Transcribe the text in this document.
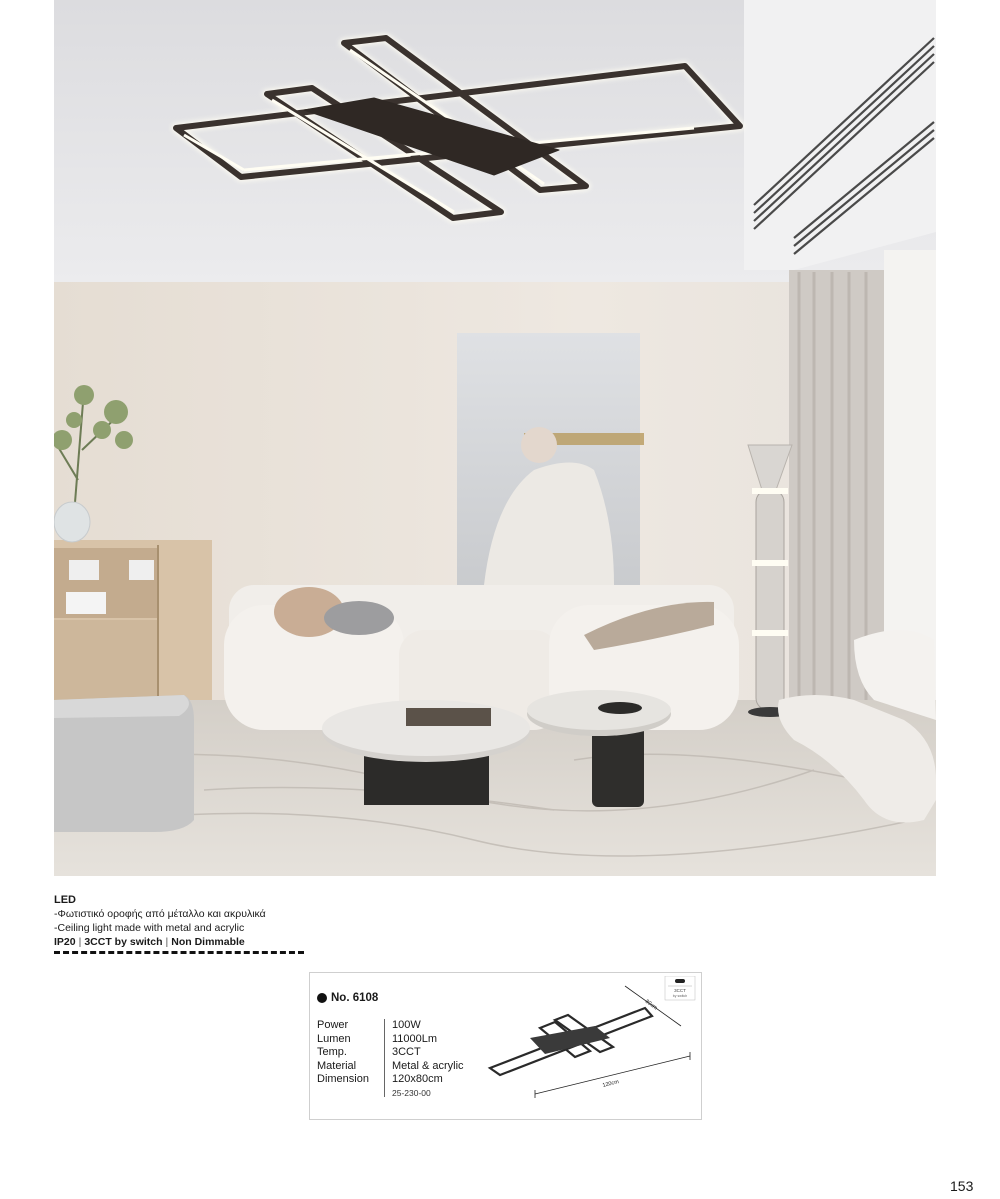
LED
-Φωτιστικό οροφής από μέταλλο και ακρυλικά
-Ceiling light made with metal and acrylic
IP20 | 3CCT by switch | Non Dimmable
No. 6108
Power
Lumen
Temp.
Material
Dimension
100W
11000Lm
3CCT
Metal & acrylic
120x80cm
25-230-00
120cm
80cm
3CCT
by switch
153
